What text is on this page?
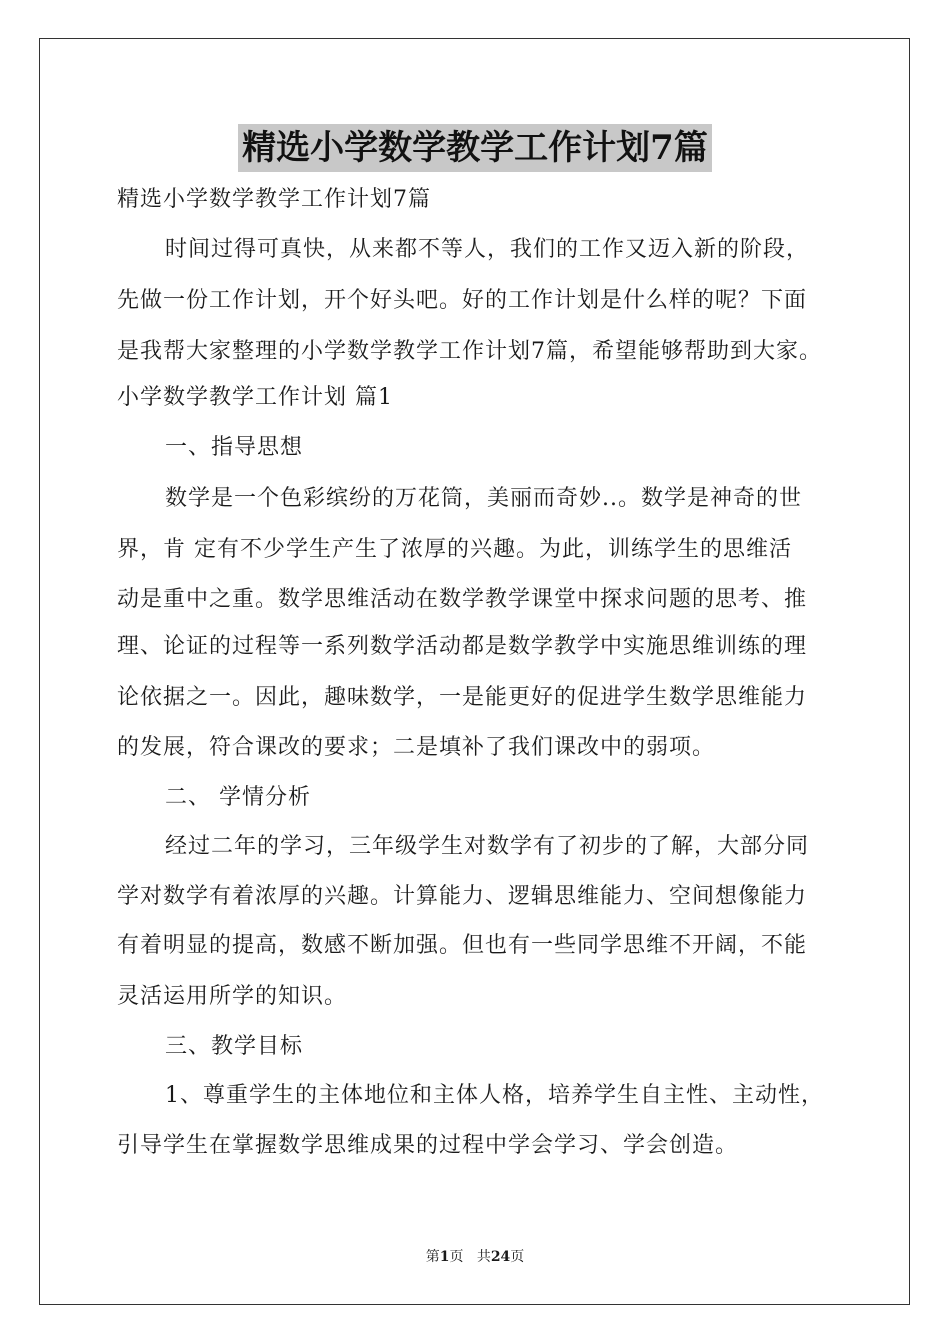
精选小学数学教学工作计划7篇
精选小学数学教学工作计划7篇
时间过得可真快，从来都不等人，我们的工作又迈入新的阶段，
先做一份工作计划，开个好头吧。好的工作计划是什么样的呢？下面
是我帮大家整理的小学数学教学工作计划7篇，希望能够帮助到大家。
小学数学教学工作计划 篇1
一、指导思想
数学是一个色彩缤纷的万花筒，美丽而奇妙..。数学是神奇的世
界，肯 定有不少学生产生了浓厚的兴趣。为此，训练学生的思维活
动是重中之重。数学思维活动在数学教学课堂中探求问题的思考、推
理、论证的过程等一系列数学活动都是数学教学中实施思维训练的理
论依据之一。因此，趣味数学，一是能更好的促进学生数学思维能力
的发展，符合课改的要求；二是填补了我们课改中的弱项。
二、 学情分析
经过二年的学习，三年级学生对数学有了初步的了解，大部分同
学对数学有着浓厚的兴趣。计算能力、逻辑思维能力、空间想像能力
有着明显的提高，数感不断加强。但也有一些同学思维不开阔，不能
灵活运用所学的知识。
三、教学目标
1、尊重学生的主体地位和主体人格，培养学生自主性、主动性，
引导学生在掌握数学思维成果的过程中学会学习、学会创造。
第1页 共24页
